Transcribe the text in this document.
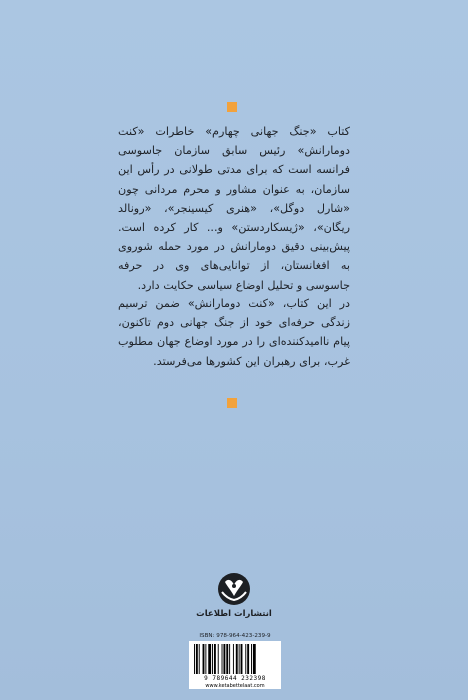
کتاب «جنگ جهانی چهارم» خاطرات «کنت دومارانش» رئیس سابق سازمان جاسوسی فرانسه است که برای مدتی طولانی در رأس این سازمان، به عنوان مشاور و محرم مردانی چون «شارل دوگل»، «هنری کیسینجر»، «رونالد ریگان»، «ژیسکاردستن» و... کار کرده است. پیش‌بینی دقیق دومارانش در مورد حمله شوروی به افغانستان، از توانایی‌های وی در حرفه جاسوسی و تحلیل اوضاع سیاسی حکایت دارد.

در این کتاب، «کنت دومارانش» ضمن ترسیم زندگی حرفه‌ای خود از جنگ جهانی دوم تاکنون، پیام ناامیدکننده‌ای را در مورد اوضاع جهان مطلوب غرب، برای رهبران این کشورها می‌فرستد.

انتشارات اطلاعات
ISBN: 978-964-423-239-9
9 789644 232398
www.ketabettelaat.com
